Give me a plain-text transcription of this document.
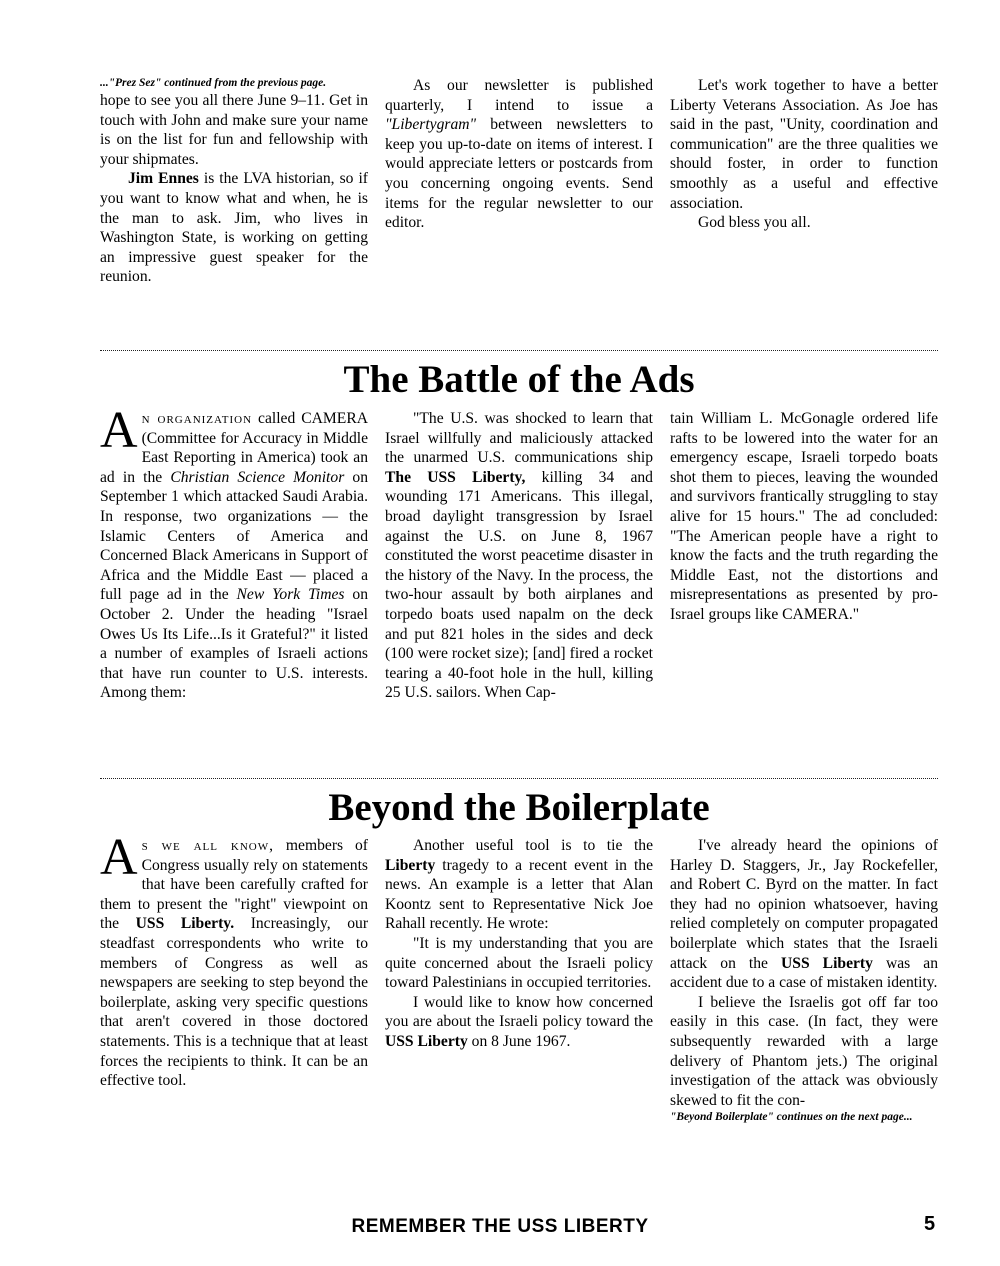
..."Prez Sez" continued from the previous page.

hope to see you all there June 9–11. Get in touch with John and make sure your name is on the list for fun and fellowship with your shipmates.

Jim Ennes is the LVA historian, so if you want to know what and when, he is the man to ask. Jim, who lives in Washington State, is working on getting an impressive guest speaker for the reunion.

As our newsletter is published quarterly, I intend to issue a "Libertygram" between newsletters to keep you up-to-date on items of interest. I would appreciate letters or postcards from you concerning ongoing events. Send items for the regular newsletter to our editor.

Let's work together to have a better Liberty Veterans Association. As Joe has said in the past, "Unity, coordination and communication" are the three qualities we should foster, in order to function smoothly as a useful and effective association.

God bless you all.

The Battle of the Ads

An organization called CAMERA (Committee for Accuracy in Middle East Reporting in America) took an ad in the Christian Science Monitor on September 1 which attacked Saudi Arabia. In response, two organizations — the Islamic Centers of America and Concerned Black Americans in Support of Africa and the Middle East — placed a full page ad in the New York Times on October 2. Under the heading "Israel Owes Us Its Life...Is it Grateful?" it listed a number of examples of Israeli actions that have run counter to U.S. interests. Among them:

"The U.S. was shocked to learn that Israel willfully and maliciously attacked the unarmed U.S. communications ship The USS Liberty, killing 34 and wounding 171 Americans. This illegal, broad daylight transgression by Israel against the U.S. on June 8, 1967 constituted the worst peacetime disaster in the history of the Navy. In the process, the two-hour assault by both airplanes and torpedo boats used napalm on the deck and put 821 holes in the sides and deck (100 were rocket size); [and] fired a rocket tearing a 40-foot hole in the hull, killing 25 U.S. sailors. When Cap-

tain William L. McGonagle ordered life rafts to be lowered into the water for an emergency escape, Israeli torpedo boats shot them to pieces, leaving the wounded and survivors frantically struggling to stay alive for 15 hours." The ad concluded: "The American people have a right to know the facts and the truth regarding the Middle East, not the distortions and misrepresentations as presented by pro-Israel groups like CAMERA."

Beyond the Boilerplate

As we all know, members of Congress usually rely on statements that have been carefully crafted for them to present the "right" viewpoint on the USS Liberty. Increasingly, our steadfast correspondents who write to members of Congress as well as newspapers are seeking to step beyond the boilerplate, asking very specific questions that aren't covered in those doctored statements. This is a technique that at least forces the recipients to think. It can be an effective tool.

Another useful tool is to tie the Liberty tragedy to a recent event in the news. An example is a letter that Alan Koontz sent to Representative Nick Joe Rahall recently. He wrote:

"It is my understanding that you are quite concerned about the Israeli policy toward Palestinians in occupied territories.

I would like to know how concerned you are about the Israeli policy toward the USS Liberty on 8 June 1967.

I've already heard the opinions of Harley D. Staggers, Jr., Jay Rockefeller, and Robert C. Byrd on the matter. In fact they had no opinion whatsoever, having relied completely on computer propagated boilerplate which states that the Israeli attack on the USS Liberty was an accident due to a case of mistaken identity.

I believe the Israelis got off far too easily in this case. (In fact, they were subsequently rewarded with a large delivery of Phantom jets.) The original investigation of the attack was obviously skewed to fit the con-

"Beyond Boilerplate" continues on the next page...
REMEMBER THE USS LIBERTY	5
